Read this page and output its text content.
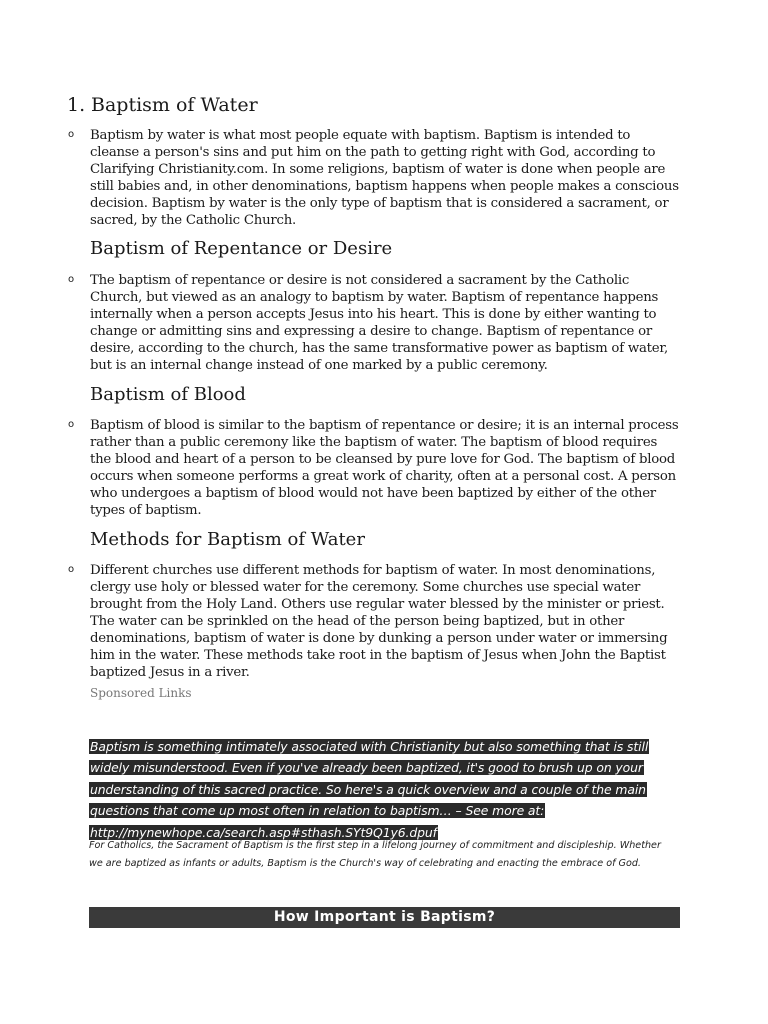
1. Baptism of Water
o Baptism by water is what most people equate with baptism. Baptism is intended to cleanse a person's sins and put him on the path to getting right with God, according to Clarifying Christianity.com. In some religions, baptism of water is done when people are still babies and, in other denominations, baptism happens when people makes a conscious decision. Baptism by water is the only type of baptism that is considered a sacrament, or sacred, by the Catholic Church.

Baptism of Repentance or Desire
o The baptism of repentance or desire is not considered a sacrament by the Catholic Church, but viewed as an analogy to baptism by water. Baptism of repentance happens internally when a person accepts Jesus into his heart. This is done by either wanting to change or admitting sins and expressing a desire to change. Baptism of repentance or desire, according to the church, has the same transformative power as baptism of water, but is an internal change instead of one marked by a public ceremony.

Baptism of Blood
o Baptism of blood is similar to the baptism of repentance or desire; it is an internal process rather than a public ceremony like the baptism of water. The baptism of blood requires the blood and heart of a person to be cleansed by pure love for God. The baptism of blood occurs when someone performs a great work of charity, often at a personal cost. A person who undergoes a baptism of blood would not have been baptized by either of the other types of baptism.

Methods for Baptism of Water
o Different churches use different methods for baptism of water. In most denominations, clergy use holy or blessed water for the ceremony. Some churches use special water brought from the Holy Land. Others use regular water blessed by the minister or priest. The water can be sprinkled on the head of the person being baptized, but in other denominations, baptism of water is done by dunking a person under water or immersing him in the water. These methods take root in the baptism of Jesus when John the Baptist baptized Jesus in a river.

Sponsored Links

Baptism is something intimately associated with Christianity but also something that is still widely misunderstood. Even if you've already been baptized, it's good to brush up on your understanding of this sacred practice. So here's a quick overview and a couple of the main questions that come up most often in relation to baptism… – See more at: http://mynewhope.ca/search.asp#sthash.SYt9Q1y6.dpuf

For Catholics, the Sacrament of Baptism is the first step in a lifelong journey of commitment and discipleship. Whether we are baptized as infants or adults, Baptism is the Church's way of celebrating and enacting the embrace of God.

How Important is Baptism?
